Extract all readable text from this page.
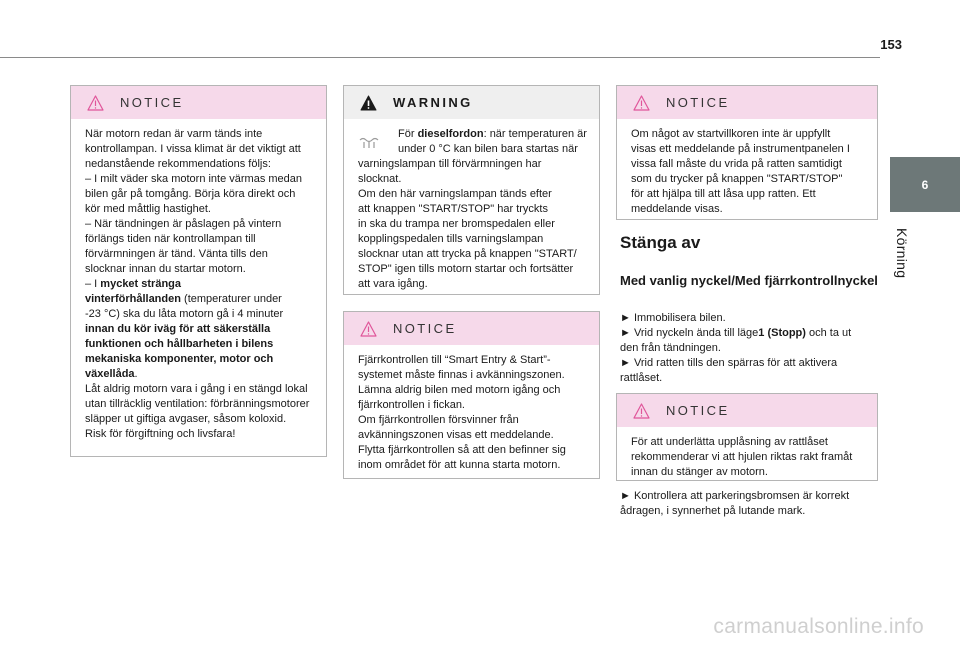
153
6
Körning
NOTICE

När motorn redan är varm tänds inte

kontrollampan. I vissa klimat är det viktigt att

nedanstående rekommendations följs:

– I milt väder ska motorn inte värmas medan

bilen går på tomgång. Börja köra direkt och

kör med måttlig hastighet.

– När tändningen är påslagen på vintern

förlängs tiden när kontrollampan till

förvärmningen är tänd. Vänta tills den

slocknar innan du startar motorn.

– I mycket stränga

vinterförhållanden (temperaturer under

-23 °C) ska du låta motorn gå i 4 minuter

innan du kör iväg för att säkerställa

funktionen och hållbarheten i bilens

mekaniska komponenter, motor och

växellåda.

Låt aldrig motorn vara i gång i en stängd lokal

utan tillräcklig ventilation: förbränningsmotorer

släpper ut giftiga avgaser, såsom koloxid.

Risk för förgiftning och livsfara!

WARNING

För dieselfordon: när temperaturen är

under 0 °C kan bilen bara startas när

varningslampan till förvärmningen har

slocknat.

Om den här varningslampan tänds efter

att knappen "START/STOP" har tryckts

in ska du trampa ner bromspedalen eller

kopplingspedalen tills varningslampan

slocknar utan att trycka på knappen "START/

STOP" igen tills motorn startar och fortsätter

att vara igång.

NOTICE

Fjärrkontrollen till “Smart Entry & Start”-

systemet måste finnas i avkänningszonen.

Lämna aldrig bilen med motorn igång och

fjärrkontrollen i fickan.

Om fjärrkontrollen försvinner från

avkänningszonen visas ett meddelande.

Flytta fjärrkontrollen så att den befinner sig

inom området för att kunna starta motorn.

NOTICE

Om något av startvillkoren inte är uppfyllt

visas ett meddelande på instrumentpanelen I

vissa fall måste du vrida på ratten samtidigt

som du trycker på knappen "START/STOP"

för att hjälpa till att låsa upp ratten. Ett

meddelande visas.

Stänga av
Med vanlig nyckel/Med fjärrkontrollnyckel

► Immobilisera bilen.

► Vrid nyckeln ända till läge1 (Stopp) och ta ut

den från tändningen.

► Vrid ratten tills den spärras för att aktivera

rattlåset.

NOTICE

För att underlätta upplåsning av rattlåset

rekommenderar vi att hjulen riktas rakt framåt

innan du stänger av motorn.

► Kontrollera att parkeringsbromsen är korrekt

ådragen, i synnerhet på lutande mark.

carmanualsonline.info
